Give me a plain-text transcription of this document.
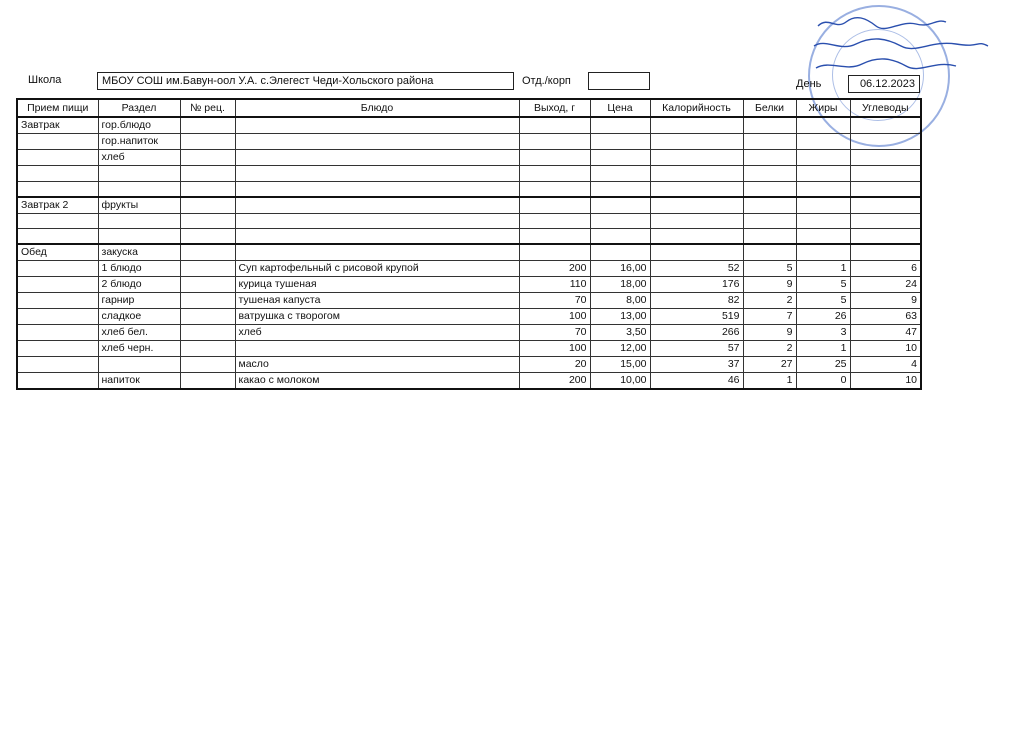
Школа	МБОУ СОШ им.Бавун-оол У.А. с.Элегест Чеди-Хольского района	Отд./корп	День	06.12.2023
Прием пищи	Раздел	№ рец.	Блюдо	Выход, г	Цена	Калорийность	Белки	Жиры	Углеводы
Завтрак	гор.блюдо								
	гор.напиток								
	хлеб								

Завтрак 2	фрукты								

Обед	закуска								
	1 блюдо		Суп картофельный с рисовой крупой	200	16,00	52	5	1	6
	2 блюдо		курица тушеная	110	18,00	176	9	5	24
	гарнир		тушеная капуста	70	8,00	82	2	5	9
	сладкое		ватрушка с творогом	100	13,00	519	7	26	63
	хлеб бел.		хлеб	70	3,50	266	9	3	47
	хлеб черн.			100	12,00	57	2	1	10
			масло	20	15,00	37	27	25	4
	напиток		какао с молоком	200	10,00	46	1	0	10
